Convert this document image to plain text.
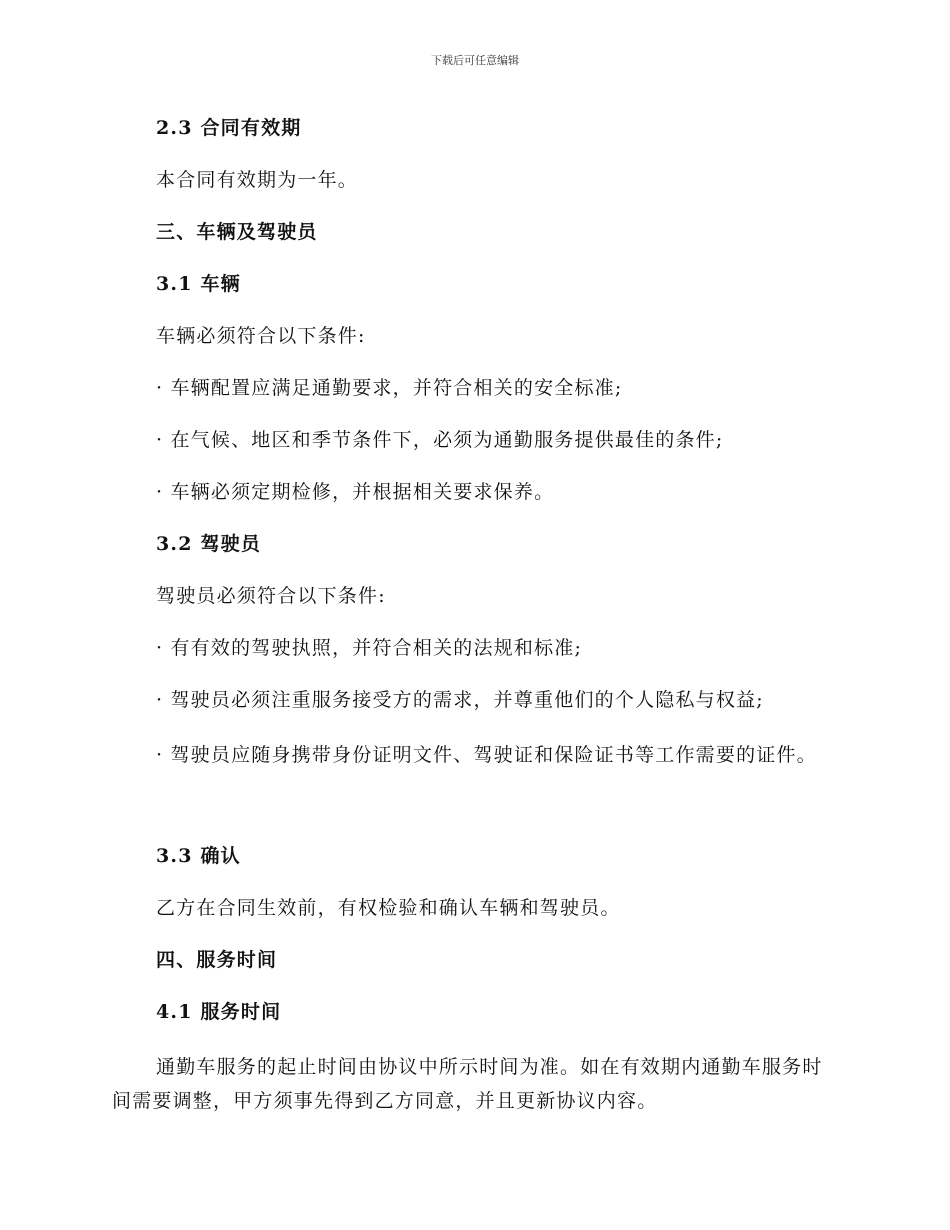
下载后可任意编辑

2.3 合同有效期

本合同有效期为一年。

三、车辆及驾驶员

3.1 车辆

车辆必须符合以下条件:

· 车辆配置应满足通勤要求，并符合相关的安全标准;

· 在气候、地区和季节条件下，必须为通勤服务提供最佳的条件;

· 车辆必须定期检修，并根据相关要求保养。

3.2 驾驶员

驾驶员必须符合以下条件:

· 有有效的驾驶执照，并符合相关的法规和标准;

· 驾驶员必须注重服务接受方的需求，并尊重他们的个人隐私与权益;

· 驾驶员应随身携带身份证明文件、驾驶证和保险证书等工作需要的证件。

3.3 确认

乙方在合同生效前，有权检验和确认车辆和驾驶员。

四、服务时间

4.1 服务时间

通勤车服务的起止时间由协议中所示时间为准。如在有效期内通勤车服务时间需要调整，甲方须事先得到乙方同意，并且更新协议内容。
